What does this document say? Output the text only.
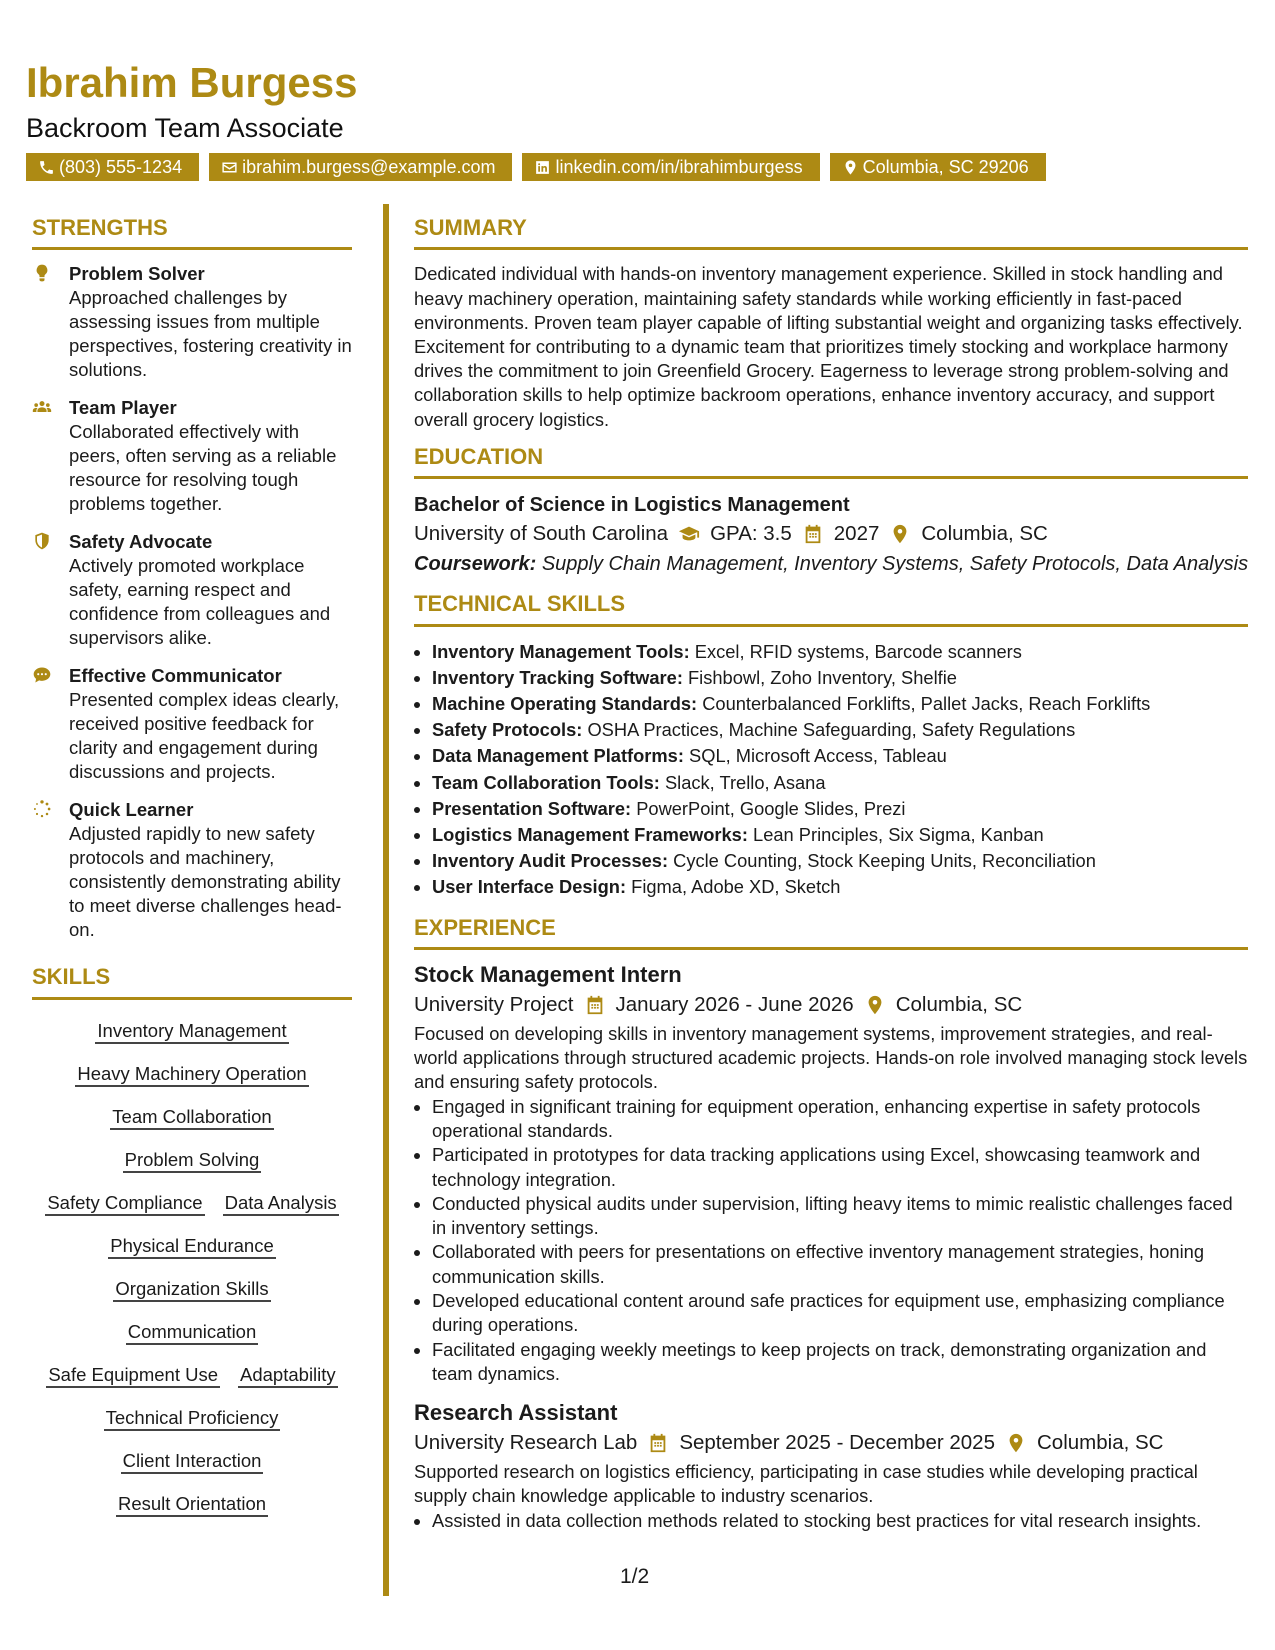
Ibrahim Burgess
Backroom Team Associate
(803) 555-1234	ibrahim.burgess@example.com	linkedin.com/in/ibrahimburgess	Columbia, SC 29206
STRENGTHS
Problem Solver
Approached challenges by assessing issues from multiple perspectives, fostering creativity in solutions.
Team Player
Collaborated effectively with peers, often serving as a reliable resource for resolving tough problems together.
Safety Advocate
Actively promoted workplace safety, earning respect and confidence from colleagues and supervisors alike.
Effective Communicator
Presented complex ideas clearly, received positive feedback for clarity and engagement during discussions and projects.
Quick Learner
Adjusted rapidly to new safety protocols and machinery, consistently demonstrating ability to meet diverse challenges head-on.
SKILLS
Inventory Management
Heavy Machinery Operation
Team Collaboration
Problem Solving
Safety Compliance Data Analysis
Physical Endurance
Organization Skills
Communication
Safe Equipment Use Adaptability
Technical Proficiency
Client Interaction
Result Orientation
SUMMARY

Dedicated individual with hands-on inventory management experience. Skilled in stock handling and heavy machinery operation, maintaining safety standards while working efficiently in fast-paced environments. Proven team player capable of lifting substantial weight and organizing tasks effectively. Excitement for contributing to a dynamic team that prioritizes timely stocking and workplace harmony drives the commitment to join Greenfield Grocery. Eagerness to leverage strong problem-solving and collaboration skills to help optimize backroom operations, enhance inventory accuracy, and support overall grocery logistics.

EDUCATION
Bachelor of Science in Logistics Management
University of South Carolina GPA: 3.5 2027 Columbia, SC
Coursework: Supply Chain Management, Inventory Systems, Safety Protocols, Data Analysis
TECHNICAL SKILLS
• Inventory Management Tools: Excel, RFID systems, Barcode scanners
• Inventory Tracking Software: Fishbowl, Zoho Inventory, Shelfie
• Machine Operating Standards: Counterbalanced Forklifts, Pallet Jacks, Reach Forklifts
• Safety Protocols: OSHA Practices, Machine Safeguarding, Safety Regulations
• Data Management Platforms: SQL, Microsoft Access, Tableau
• Team Collaboration Tools: Slack, Trello, Asana
• Presentation Software: PowerPoint, Google Slides, Prezi
• Logistics Management Frameworks: Lean Principles, Six Sigma, Kanban
• Inventory Audit Processes: Cycle Counting, Stock Keeping Units, Reconciliation
• User Interface Design: Figma, Adobe XD, Sketch
EXPERIENCE
Stock Management Intern
University Project January 2026 - June 2026 Columbia, SC
Focused on developing skills in inventory management systems, improvement strategies, and real-world applications through structured academic projects. Hands-on role involved managing stock levels and ensuring safety protocols.
• Engaged in significant training for equipment operation, enhancing expertise in safety protocols operational standards.
• Participated in prototypes for data tracking applications using Excel, showcasing teamwork and technology integration.
• Conducted physical audits under supervision, lifting heavy items to mimic realistic challenges faced in inventory settings.
• Collaborated with peers for presentations on effective inventory management strategies, honing communication skills.
• Developed educational content around safe practices for equipment use, emphasizing compliance during operations.
• Facilitated engaging weekly meetings to keep projects on track, demonstrating organization and team dynamics.
Research Assistant
University Research Lab September 2025 - December 2025 Columbia, SC
Supported research on logistics efficiency, participating in case studies while developing practical supply chain knowledge applicable to industry scenarios.
• Assisted in data collection methods related to stocking best practices for vital research insights.
1/2
